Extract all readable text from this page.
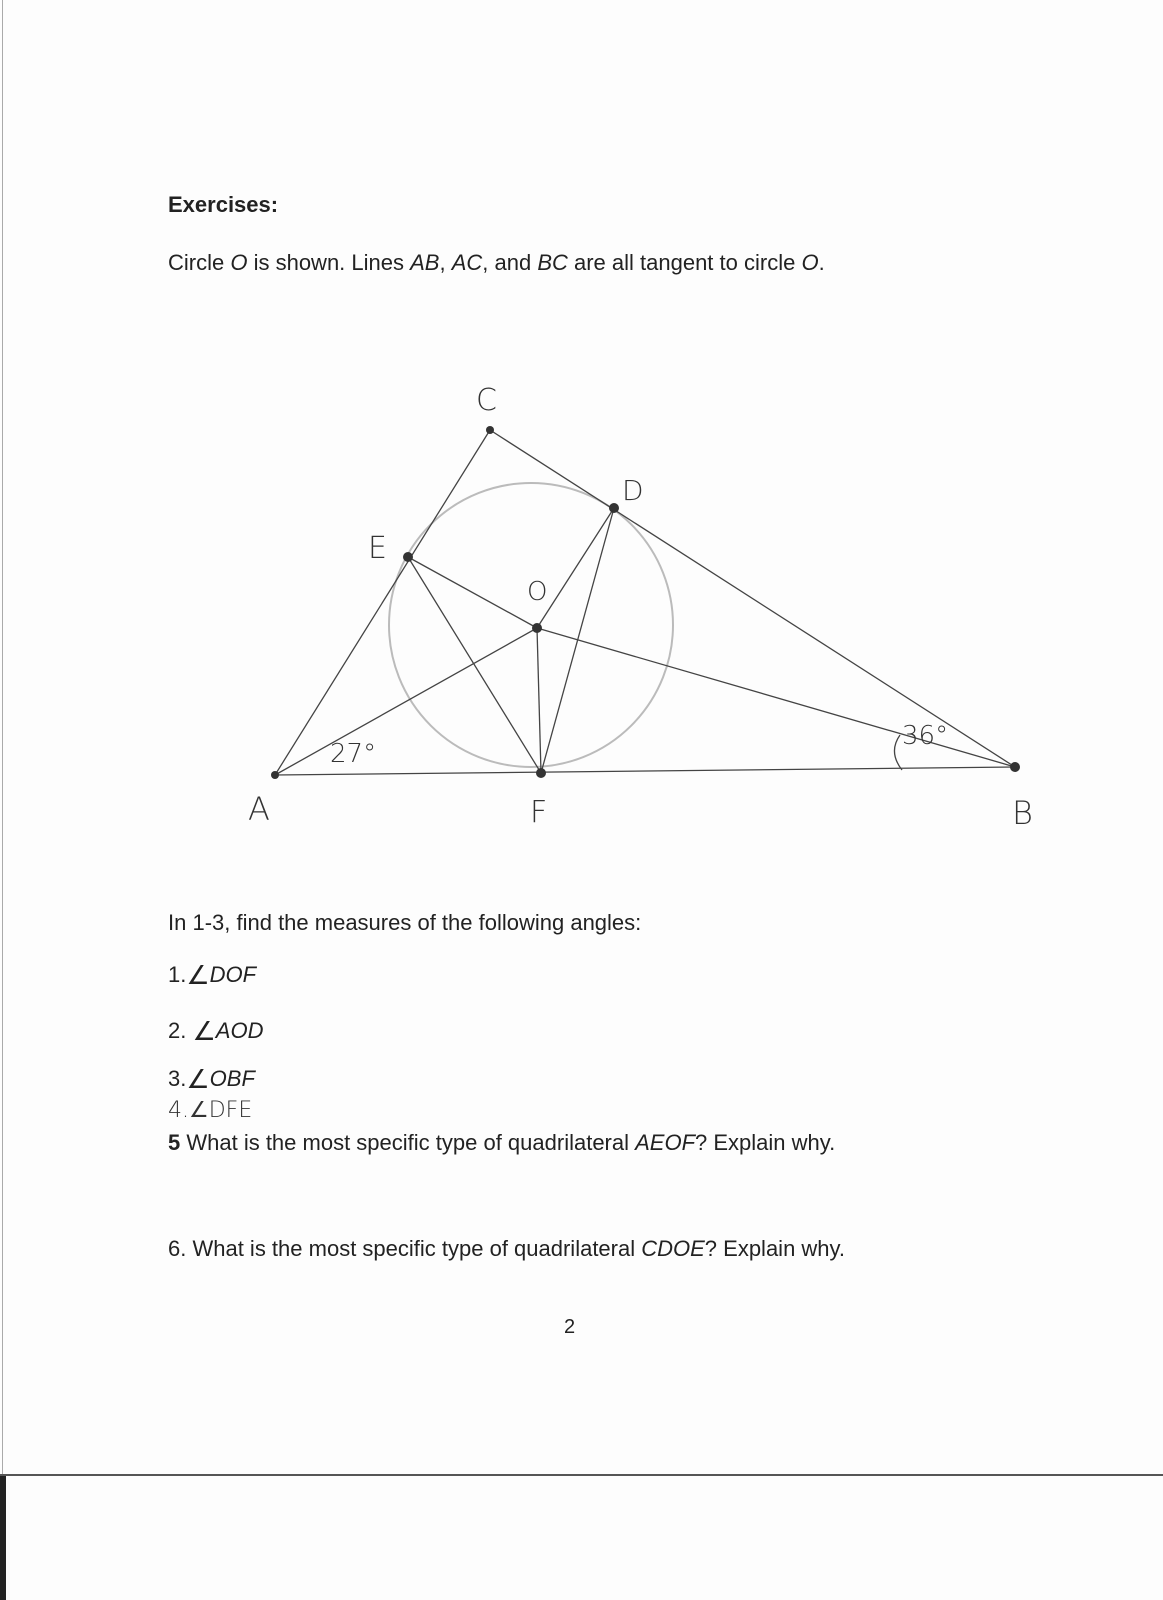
Exercises:
Circle O is shown. Lines AB, AC, and BC are all tangent to circle O.
C
D
E
O
A	F	B
27°
36°
In 1-3, find the measures of the following angles:
1.∠DOF
2. ∠AOD
3.∠OBF
4.∠DFE
5 What is the most specific type of quadrilateral AEOF? Explain why.
6. What is the most specific type of quadrilateral CDOE? Explain why.
2
